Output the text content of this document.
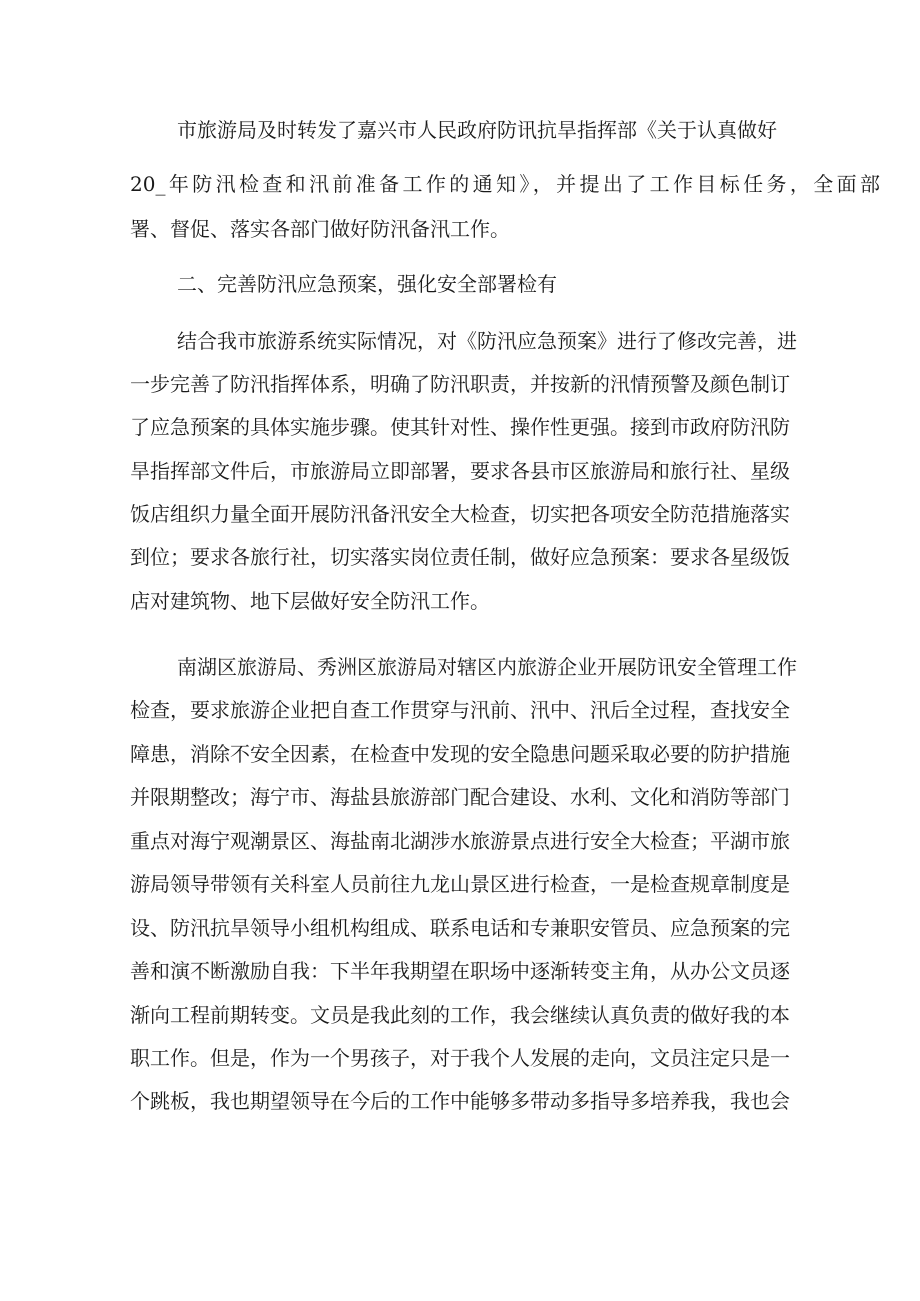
市旅游局及时转发了嘉兴市人民政府防讯抗旱指挥部《关于认真做好
20_年防汛检查和汛前准备工作的通知》，并提出了工作目标任务，全面部
署、督促、落实各部门做好防汛备汛工作。
二、完善防汛应急预案，强化安全部署检有
结合我市旅游系统实际情况，对《防汛应急预案》进行了修改完善，进
一步完善了防汛指挥体系，明确了防汛职责，并按新的汛情预警及颜色制订
了应急预案的具体实施步骤。使其针对性、操作性更强。接到市政府防汛防
旱指挥部文件后，市旅游局立即部署，要求各县市区旅游局和旅行社、星级
饭店组织力量全面开展防汛备汛安全大检查，切实把各项安全防范措施落实
到位；要求各旅行社，切实落实岗位责任制，做好应急预案：要求各星级饭
店对建筑物、地下层做好安全防汛工作。
南湖区旅游局、秀洲区旅游局对辖区内旅游企业开展防讯安全管理工作
检查，要求旅游企业把自查工作贯穿与汛前、汛中、汛后全过程，查找安全
障患，消除不安全因素，在检查中发现的安全隐患问题采取必要的防护措施
并限期整改；海宁市、海盐县旅游部门配合建设、水利、文化和消防等部门
重点对海宁观潮景区、海盐南北湖涉水旅游景点进行安全大检查；平湖市旅
游局领导带领有关科室人员前往九龙山景区进行检查，一是检查规章制度是
设、防汛抗旱领导小组机构组成、联系电话和专兼职安管员、应急预案的完
善和演不断激励自我：下半年我期望在职场中逐渐转变主角，从办公文员逐
渐向工程前期转变。文员是我此刻的工作，我会继续认真负责的做好我的本
职工作。但是，作为一个男孩子，对于我个人发展的走向，文员注定只是一
个跳板，我也期望领导在今后的工作中能够多带动多指导多培养我，我也会
